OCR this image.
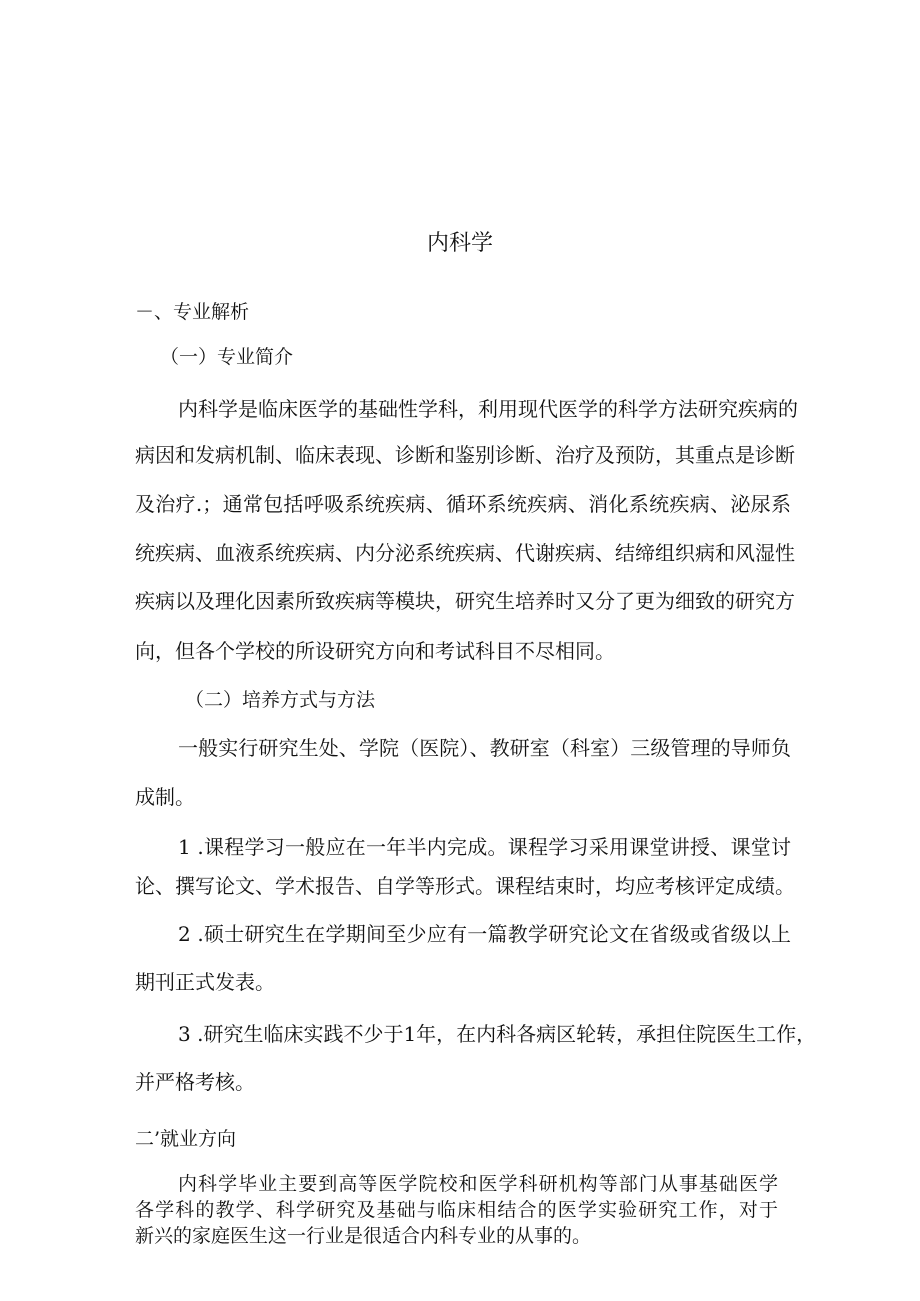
内科学

－、专业解析

（一）专业简介

内科学是临床医学的基础性学科，利用现代医学的科学方法研究疾病的

病因和发病机制、临床表现、诊断和鉴别诊断、治疗及预防，其重点是诊断

及治疗.；通常包括呼吸系统疾病、循环系统疾病、消化系统疾病、泌尿系

统疾病、血液系统疾病、内分泌系统疾病、代谢疾病、结缔组织病和风湿性

疾病以及理化因素所致疾病等模块，研究生培养时又分了更为细致的研究方

向，但各个学校的所设研究方向和考试科目不尽相同。

（二）培养方式与方法

一般实行研究生处、学院（医院）、教研室（科室）三级管理的导师负

成制。

1 .课程学习一般应在一年半内完成。课程学习采用课堂讲授、课堂讨

论、撰写论文、学术报告、自学等形式。课程结束时，均应考核评定成绩。

2 .硕士研究生在学期间至少应有一篇教学研究论文在省级或省级以上

期刊正式发表。

3 .研究生临床实践不少于1年，在内科各病区轮转，承担住院医生工作，

并严格考核。

二’就业方向

内科学毕业主要到高等医学院校和医学科研机构等部门从事基础医学

各学科的教学、科学研究及基础与临床相结合的医学实验研究工作，对于

新兴的家庭医生这一行业是很适合内科专业的从事的。
